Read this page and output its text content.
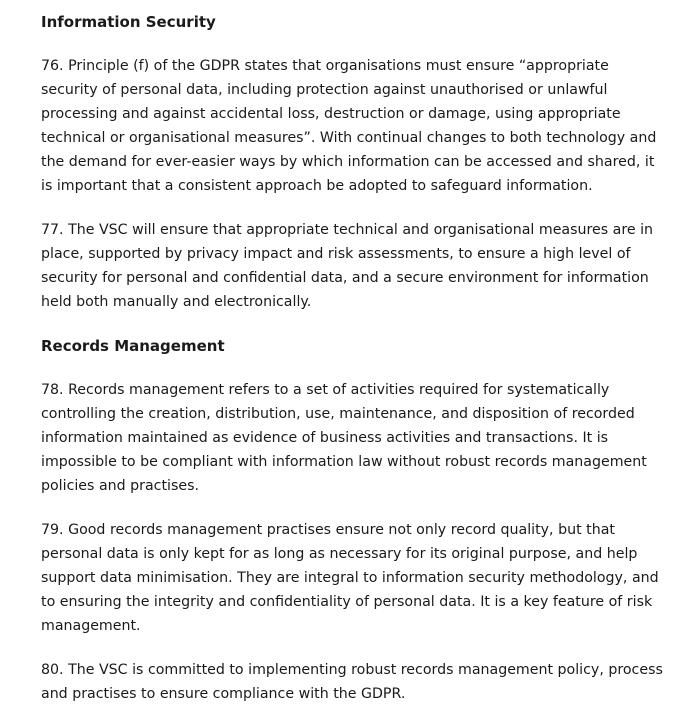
Information Security

76. Principle (f) of the GDPR states that organisations must ensure “appropriate security of personal data, including protection against unauthorised or unlawful processing and against accidental loss, destruction or damage, using appropriate technical or organisational measures”. With continual changes to both technology and the demand for ever-easier ways by which information can be accessed and shared, it is important that a consistent approach be adopted to safeguard information.

77. The VSC will ensure that appropriate technical and organisational measures are in place, supported by privacy impact and risk assessments, to ensure a high level of security for personal and confidential data, and a secure environment for information held both manually and electronically.

Records Management

78. Records management refers to a set of activities required for systematically controlling the creation, distribution, use, maintenance, and disposition of recorded information maintained as evidence of business activities and transactions. It is impossible to be compliant with information law without robust records management policies and practises.

79. Good records management practises ensure not only record quality, but that personal data is only kept for as long as necessary for its original purpose, and help support data minimisation. They are integral to information security methodology, and to ensuring the integrity and confidentiality of personal data. It is a key feature of risk management.

80. The VSC is committed to implementing robust records management policy, process and practises to ensure compliance with the GDPR.
